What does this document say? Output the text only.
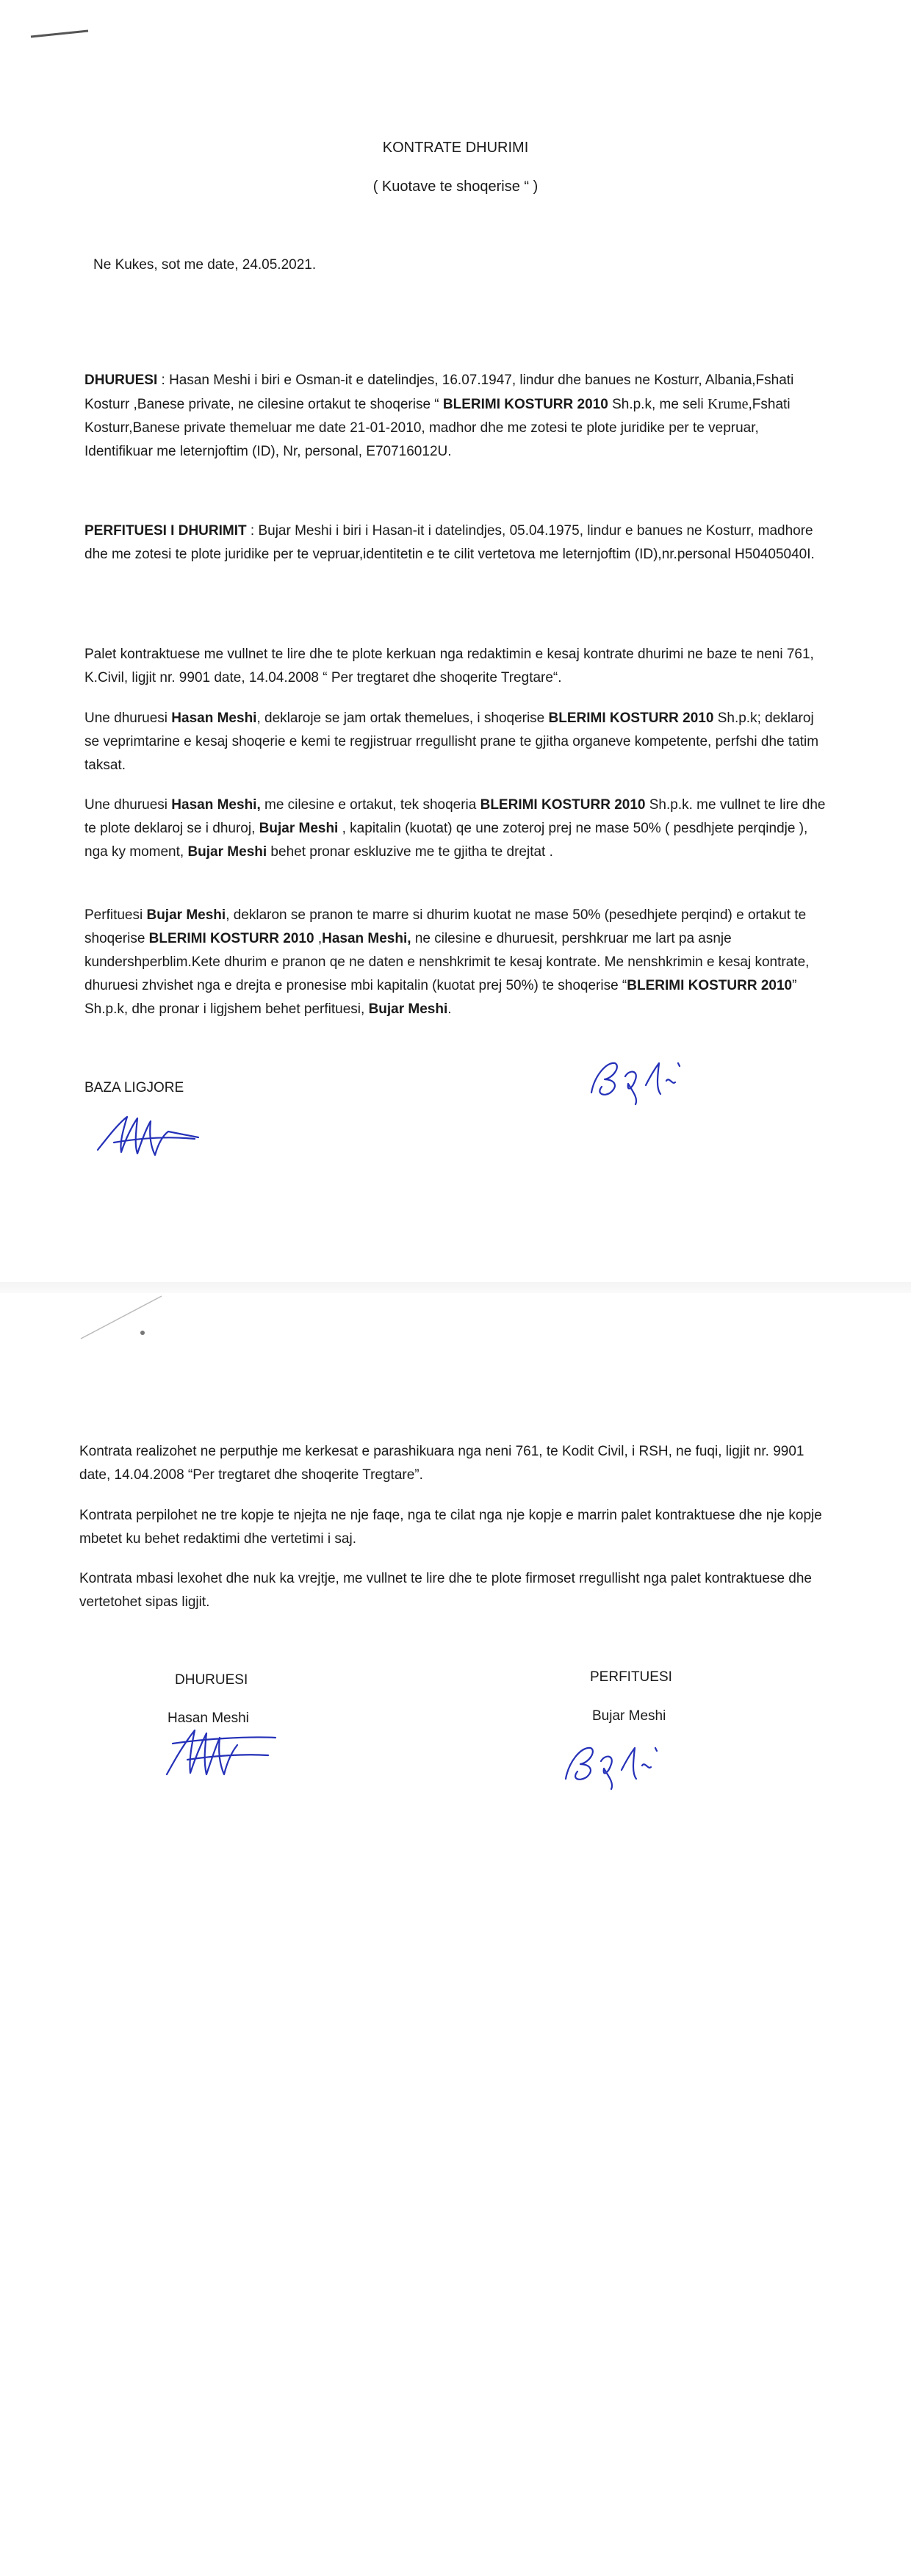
KONTRATE DHURIMI

( Kuotave te shoqerise “ )

Ne Kukes, sot me date, 24.05.2021.

DHURUESI : Hasan Meshi i biri e Osman-it e datelindjes, 16.07.1947, lindur dhe banues ne Kosturr, Albania,Fshati Kosturr ,Banese private, ne cilesine ortakut te shoqerise “ BLERIMI KOSTURR 2010 Sh.p.k, me seli Krume,Fshati Kosturr,Banese private themeluar me date 21-01-2010, madhor dhe me zotesi te plote juridike per te vepruar, Identifikuar me leternjoftim (ID), Nr, personal, E70716012U.

PERFITUESI I DHURIMIT : Bujar Meshi i biri i Hasan-it i datelindjes, 05.04.1975, lindur e banues ne Kosturr, madhore dhe me zotesi te plote juridike per te vepruar,identitetin e te cilit vertetova me leternjoftim (ID),nr.personal H50405040I.

Palet kontraktuese me vullnet te lire dhe te plote kerkuan nga redaktimin e kesaj kontrate dhurimi ne baze te neni 761, K.Civil, ligjit nr. 9901 date, 14.04.2008 “ Per tregtaret dhe shoqerite Tregtare“.

Une dhuruesi Hasan Meshi, deklaroje se jam ortak themelues, i shoqerise BLERIMI KOSTURR 2010 Sh.p.k; deklaroj se veprimtarine e kesaj shoqerie e kemi te regjistruar rregullisht prane te gjitha organeve kompetente, perfshi dhe tatim taksat.

Une dhuruesi Hasan Meshi, me cilesine e ortakut, tek shoqeria BLERIMI KOSTURR 2010 Sh.p.k. me vullnet te lire dhe te plote deklaroj se i dhuroj, Bujar Meshi , kapitalin (kuotat) qe une zoteroj prej ne mase 50% ( pesdhjete perqindje ), nga ky moment, Bujar Meshi behet pronar eskluzive me te gjitha te drejtat .

Perfituesi Bujar Meshi, deklaron se pranon te marre si dhurim kuotat ne mase 50% (pesedhjete perqind) e ortakut te shoqerise BLERIMI KOSTURR 2010 ,Hasan Meshi, ne cilesine e dhuruesit, pershkruar me lart pa asnje kundershperblim.Kete dhurim e pranon qe ne daten e nenshkrimit te kesaj kontrate. Me nenshkrimin e kesaj kontrate, dhuruesi zhvishet nga e drejta e pronesise mbi kapitalin (kuotat prej 50%) te shoqerise “BLERIMI KOSTURR 2010” Sh.p.k, dhe pronar i ligjshem behet perfituesi, Bujar Meshi.

BAZA LIGJORE

Kontrata realizohet ne perputhje me kerkesat e parashikuara nga neni 761, te Kodit Civil, i RSH, ne fuqi, ligjit nr. 9901 date, 14.04.2008 “Per tregtaret dhe shoqerite Tregtare”.

Kontrata perpilohet ne tre kopje te njejta ne nje faqe, nga te cilat nga nje kopje e marrin palet kontraktuese dhe nje kopje mbetet ku behet redaktimi dhe vertetimi i saj.

Kontrata mbasi lexohet dhe nuk ka vrejtje, me vullnet te lire dhe te plote firmoset rregullisht nga palet kontraktuese dhe vertetohet sipas ligjit.

DHURUESI

Hasan Meshi

PERFITUESI

Bujar Meshi
